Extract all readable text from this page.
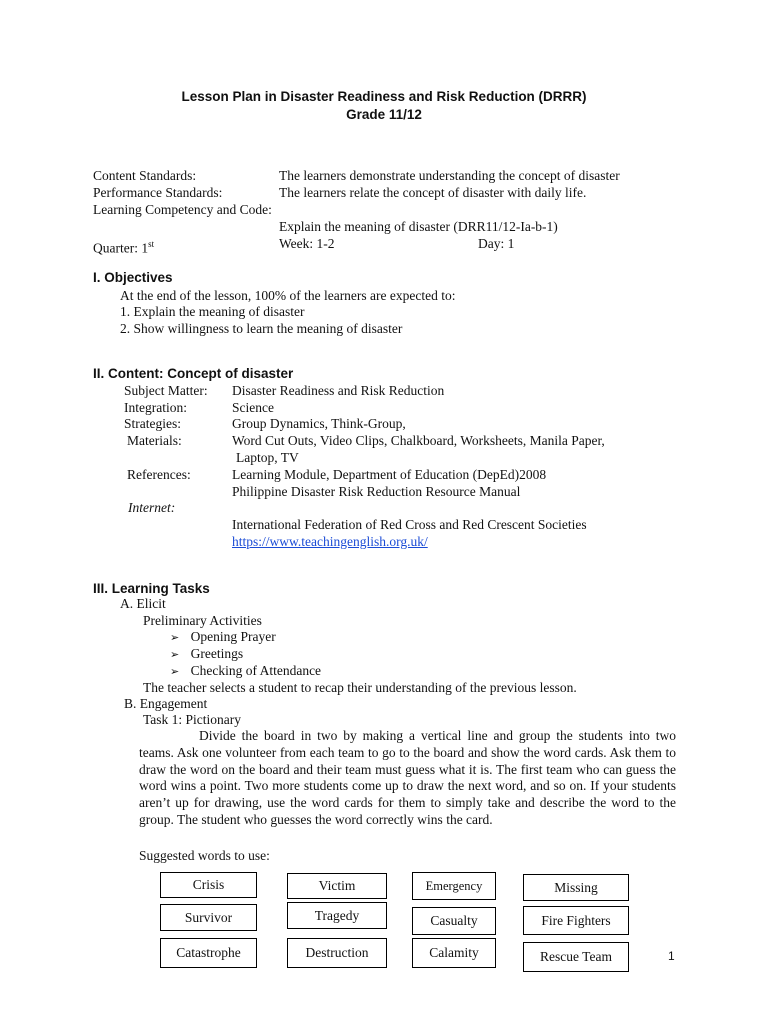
Lesson Plan in Disaster Readiness and Risk Reduction (DRRR)
Grade 11/12
Content Standards:	The learners demonstrate understanding the concept of disaster
Performance Standards:	The learners relate the concept of disaster with daily life.
Learning Competency and Code:
Explain the meaning of disaster (DRR11/12-Ia-b-1)
Quarter: 1st	Week: 1-2	Day: 1
I. Objectives
At the end of the lesson, 100% of the learners are expected to:
1. Explain the meaning of disaster
2. Show willingness to learn the meaning of disaster
II. Content: Concept of disaster
Subject Matter: Disaster Readiness and Risk Reduction
Integration:	Science
Strategies:	Group Dynamics, Think-Group,
Materials:	Word Cut Outs, Video Clips, Chalkboard, Worksheets, Manila Paper,
Laptop, TV
References:	Learning Module, Department of Education (DepEd)2008
Philippine Disaster Risk Reduction Resource Manual
Internet:
International Federation of Red Cross and Red Crescent Societies
https://www.teachingenglish.org.uk/
III. Learning Tasks
A. Elicit
Preliminary Activities
➢ Opening Prayer
➢ Greetings
➢ Checking of Attendance
The teacher selects a student to recap their understanding of the previous lesson.
B. Engagement
Task 1: Pictionary
Divide the board in two by making a vertical line and group the students into two teams. Ask one volunteer from each team to go to the board and show the word cards. Ask them to draw the word on the board and their team must guess what it is. The first team who can guess the word wins a point. Two more students come up to draw the next word, and so on. If your students aren’t up for drawing, use the word cards for them to simply take and describe the word to the group. The student who guesses the word correctly wins the card.
Suggested words to use:
Crisis	Victim	Emergency	Missing
Survivor	Tragedy	Casualty	Fire Fighters
Catastrophe	Destruction	Calamity	Rescue Team	1
